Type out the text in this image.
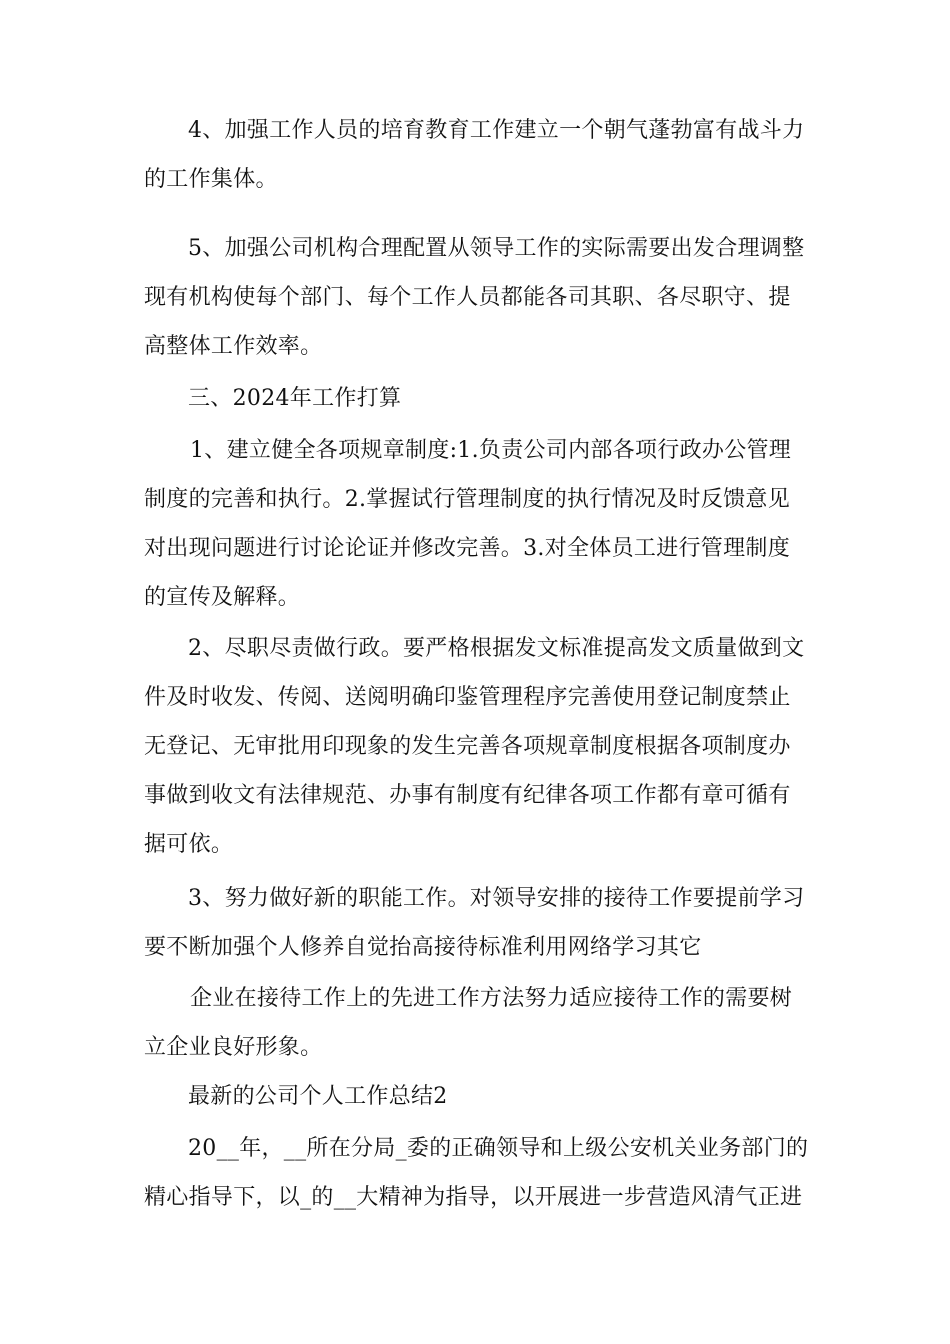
4、加强工作人员的培育教育工作建立一个朝气蓬勃富有战斗力
的工作集体。
5、加强公司机构合理配置从领导工作的实际需要出发合理调整
现有机构使每个部门、每个工作人员都能各司其职、各尽职守、提
高整体工作效率。
三、2024年工作打算
1、建立健全各项规章制度:1.负责公司内部各项行政办公管理
制度的完善和执行。2.掌握试行管理制度的执行情况及时反馈意见
对出现问题进行讨论论证并修改完善。3.对全体员工进行管理制度
的宣传及解释。
2、尽职尽责做行政。要严格根据发文标准提高发文质量做到文
件及时收发、传阅、送阅明确印鉴管理程序完善使用登记制度禁止
无登记、无审批用印现象的发生完善各项规章制度根据各项制度办
事做到收文有法律规范、办事有制度有纪律各项工作都有章可循有
据可依。
3、努力做好新的职能工作。对领导安排的接待工作要提前学习
要不断加强个人修养自觉抬高接待标准利用网络学习其它
企业在接待工作上的先进工作方法努力适应接待工作的需要树
立企业良好形象。
最新的公司个人工作总结2
20__年，__所在分局_委的正确领导和上级公安机关业务部门的
精心指导下，以_的__大精神为指导，以开展进一步营造风清气正进
